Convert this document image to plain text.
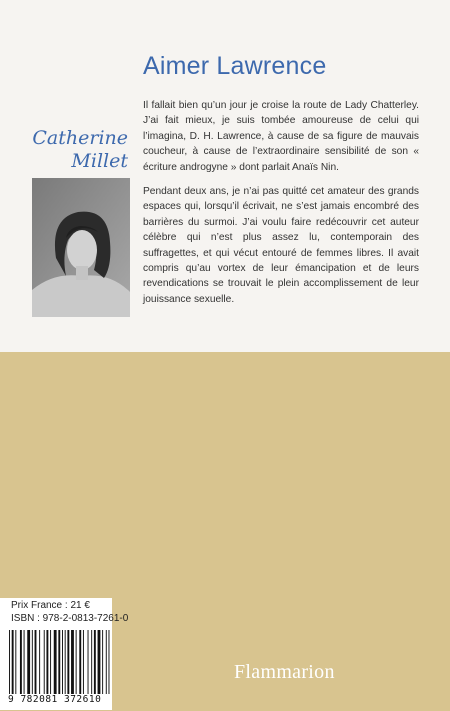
Aimer Lawrence
Catherine
Millet

Il fallait bien qu’un jour je croise la route de Lady Chatterley. J’ai fait mieux, je suis tombée amoureuse de celui qui l’imagina, D. H. Lawrence, à cause de sa figure de mauvais coucheur, à cause de l’extraordinaire sensibilité de son « écriture androgyne » dont parlait Anaïs Nin.

Pendant deux ans, je n’ai pas quitté cet amateur des grands espaces qui, lorsqu’il écrivait, ne s’est jamais encombré des barrières du surmoi. J’ai voulu faire redécouvrir cet auteur célèbre qui n’est plus assez lu, contemporain des suffragettes, et qui vécut entouré de femmes libres. Il avait compris qu’au vortex de leur émancipation et de leurs revendications se trouvait le plein accomplissement de leur jouissance sexuelle.

Prix France : 21 €
ISBN : 978-2-0813-7261-0
9 782081 372610
Flammarion
